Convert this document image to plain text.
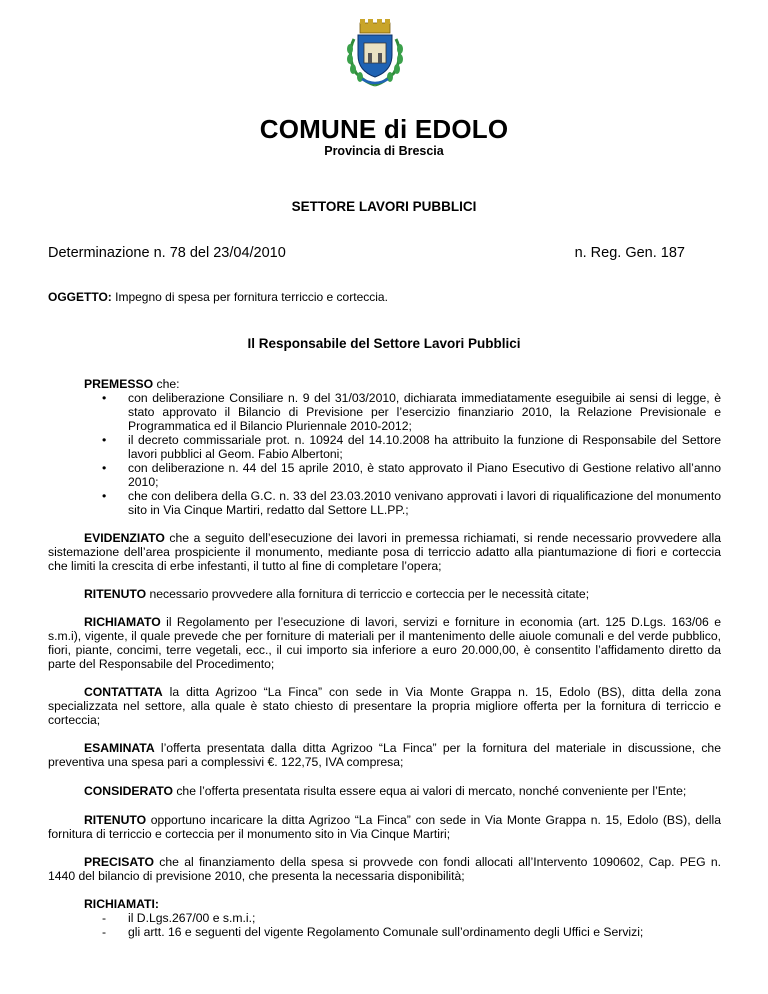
COMUNE di EDOLO
Provincia di Brescia
SETTORE LAVORI PUBBLICI
Determinazione n. 78 del 23/04/2010	n. Reg. Gen. 187
OGGETTO: Impegno di spesa per fornitura terriccio e corteccia.
Il Responsabile del Settore Lavori Pubblici

PREMESSO che:

• con deliberazione Consiliare n. 9 del 31/03/2010, dichiarata immediatamente eseguibile ai sensi di legge, è stato approvato il Bilancio di Previsione per l’esercizio finanziario 2010, la Relazione Previsionale e Programmatica ed il Bilancio Pluriennale 2010-2012;
• il decreto commissariale prot. n. 10924 del 14.10.2008 ha attribuito la funzione di Responsabile del Settore lavori pubblici al Geom. Fabio Albertoni;
• con deliberazione n. 44 del 15 aprile 2010, è stato approvato il Piano Esecutivo di Gestione relativo all’anno 2010;
• che con delibera della G.C. n. 33 del 23.03.2010 venivano approvati i lavori di riqualificazione del monumento sito in Via Cinque Martiri, redatto dal Settore LL.PP.;

EVIDENZIATO che a seguito dell’esecuzione dei lavori in premessa richiamati, si rende necessario provvedere alla sistemazione dell’area prospiciente il monumento, mediante posa di terriccio adatto alla piantumazione di fiori e corteccia che limiti la crescita di erbe infestanti, il tutto al fine di completare l’opera;

RITENUTO necessario provvedere alla fornitura di terriccio e corteccia per le necessità citate;

RICHIAMATO il Regolamento per l’esecuzione di lavori, servizi e forniture in economia (art. 125 D.Lgs. 163/06 e s.m.i), vigente, il quale prevede che per forniture di materiali per il mantenimento delle aiuole comunali e del verde pubblico, fiori, piante, concimi, terre vegetali, ecc., il cui importo sia inferiore a euro 20.000,00, è consentito l’affidamento diretto da parte del Responsabile del Procedimento;

CONTATTATA la ditta Agrizoo “La Finca” con sede in Via Monte Grappa n. 15, Edolo (BS), ditta della zona specializzata nel settore, alla quale è stato chiesto di presentare la propria migliore offerta per la fornitura di terriccio e corteccia;

ESAMINATA l’offerta presentata dalla ditta Agrizoo “La Finca” per la fornitura del materiale in discussione, che preventiva una spesa pari a complessivi €. 122,75, IVA compresa;

CONSIDERATO che l’offerta presentata risulta essere equa ai valori di mercato, nonché conveniente per l’Ente;

RITENUTO opportuno incaricare la ditta Agrizoo “La Finca” con sede in Via Monte Grappa n. 15, Edolo (BS), della fornitura di terriccio e corteccia per il monumento sito in Via Cinque Martiri;

PRECISATO che al finanziamento della spesa si provvede con fondi allocati all’Intervento 1090602, Cap. PEG n. 1440 del bilancio di previsione 2010, che presenta la necessaria disponibilità;

RICHIAMATI:

- il D.Lgs.267/00 e s.m.i.;
- gli artt. 16 e seguenti del vigente Regolamento Comunale sull’ordinamento degli Uffici e Servizi;
